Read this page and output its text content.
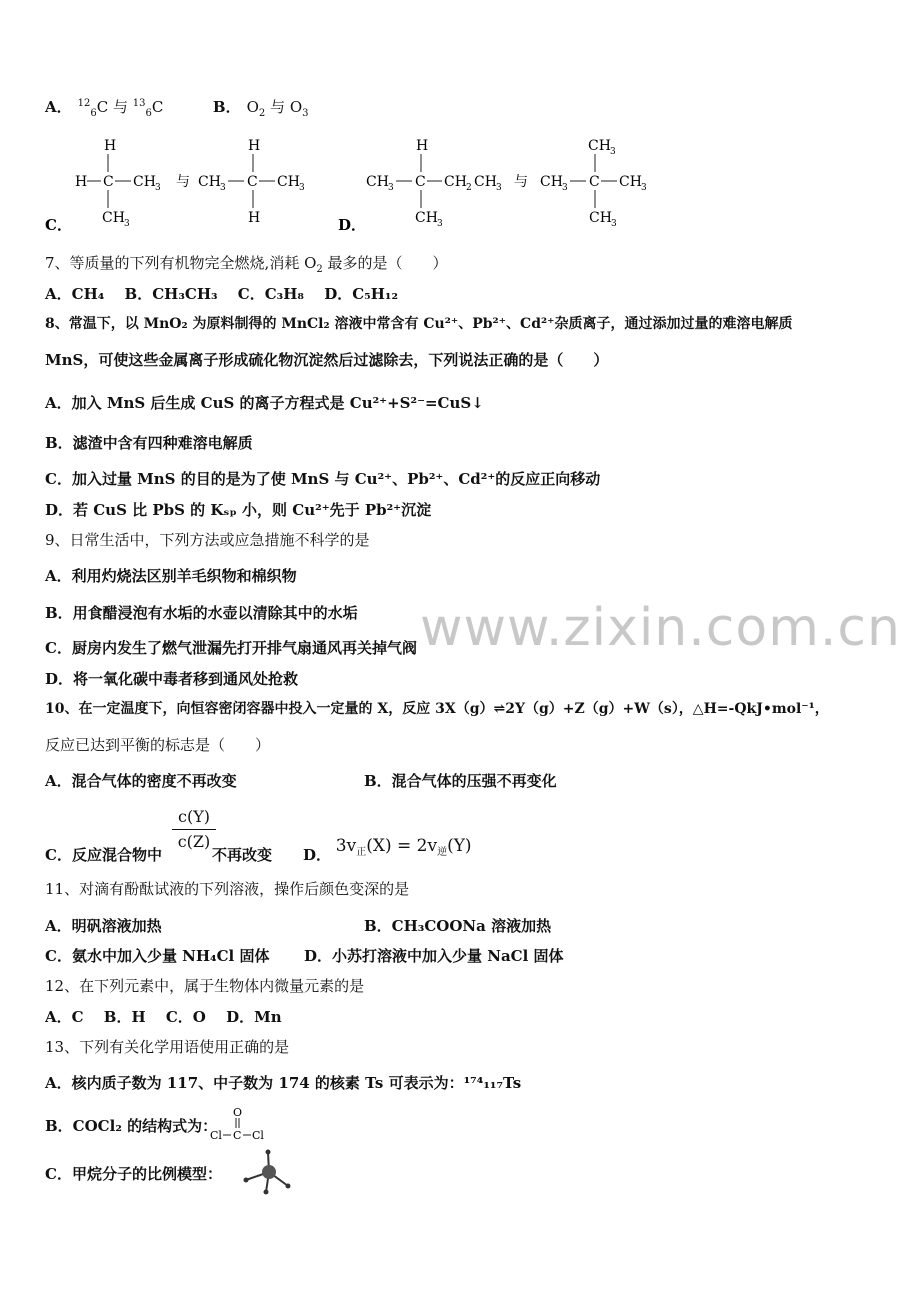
A． $^{12}_6$C 与 $^{13}_6$C	B． $O_2$ 与 $O_3$
C．
H
H C CH 3
CH 3
与 CH 3
H
C CH 3
H	D．
H
CH 3 C CH 2 CH 3
CH 3
与
CH 3
CH 3 C CH 3
CH 3
7、等质量的下列有机物完全燃烧,消耗 $O_2$ 最多的是（　　）
A．CH₄　 B．CH₃CH₃　 C．C₃H₈　 D．C₅H₁₂
8、常温下，以 MnO₂ 为原料制得的 MnCl₂ 溶液中常含有 Cu²⁺、Pb²⁺、Cd²⁺杂质离子，通过添加过量的难溶电解质
MnS，可使这些金属离子形成硫化物沉淀然后过滤除去，下列说法正确的是（　　）
A．加入 MnS 后生成 CuS 的离子方程式是 Cu²⁺+S²⁻=CuS↓
B．滤渣中含有四种难溶电解质
C．加入过量 MnS 的目的是为了使 MnS 与 Cu²⁺、Pb²⁺、Cd²⁺的反应正向移动
D．若 CuS 比 PbS 的 Kₛₚ 小，则 Cu²⁺先于 Pb²⁺沉淀
9、日常生活中，下列方法或应急措施不科学的是
A．利用灼烧法区别羊毛织物和棉织物
B．用食醋浸泡有水垢的水壶以清除其中的水垢
C．厨房内发生了燃气泄漏先打开排气扇通风再关掉气阀
D．将一氧化碳中毒者移到通风处抢救
www.zixin.com.cn
10、在一定温度下，向恒容密闭容器中投入一定量的 X，反应 3X（g）⇌2Y（g）+Z（g）+W（s），△H=-QkJ•mol⁻¹，
反应已达到平衡的标志是（　　）
A．混合气体的密度不再改变	B．混合气体的压强不再变化
C．反应混合物中	不再改变
c(Y)
c(Z)
D． $3v_正(X) = 2v_逆(Y)$
11、对滴有酚酞试液的下列溶液，操作后颜色变深的是
A．明矾溶液加热	B．CH₃COONa 溶液加热
C．氨水中加入少量 NH₄Cl 固体 D．小苏打溶液中加入少量 NaCl 固体
12、在下列元素中，属于生物体内微量元素的是
A．C　 B．H　 C．O　 D．Mn
13、下列有关化学用语使用正确的是
A．核内质子数为 117、中子数为 174 的核素 Ts 可表示为：¹⁷⁴₁₁₇Ts
B．COCl₂ 的结构式为：
O
Cl C Cl
C．甲烷分子的比例模型：
